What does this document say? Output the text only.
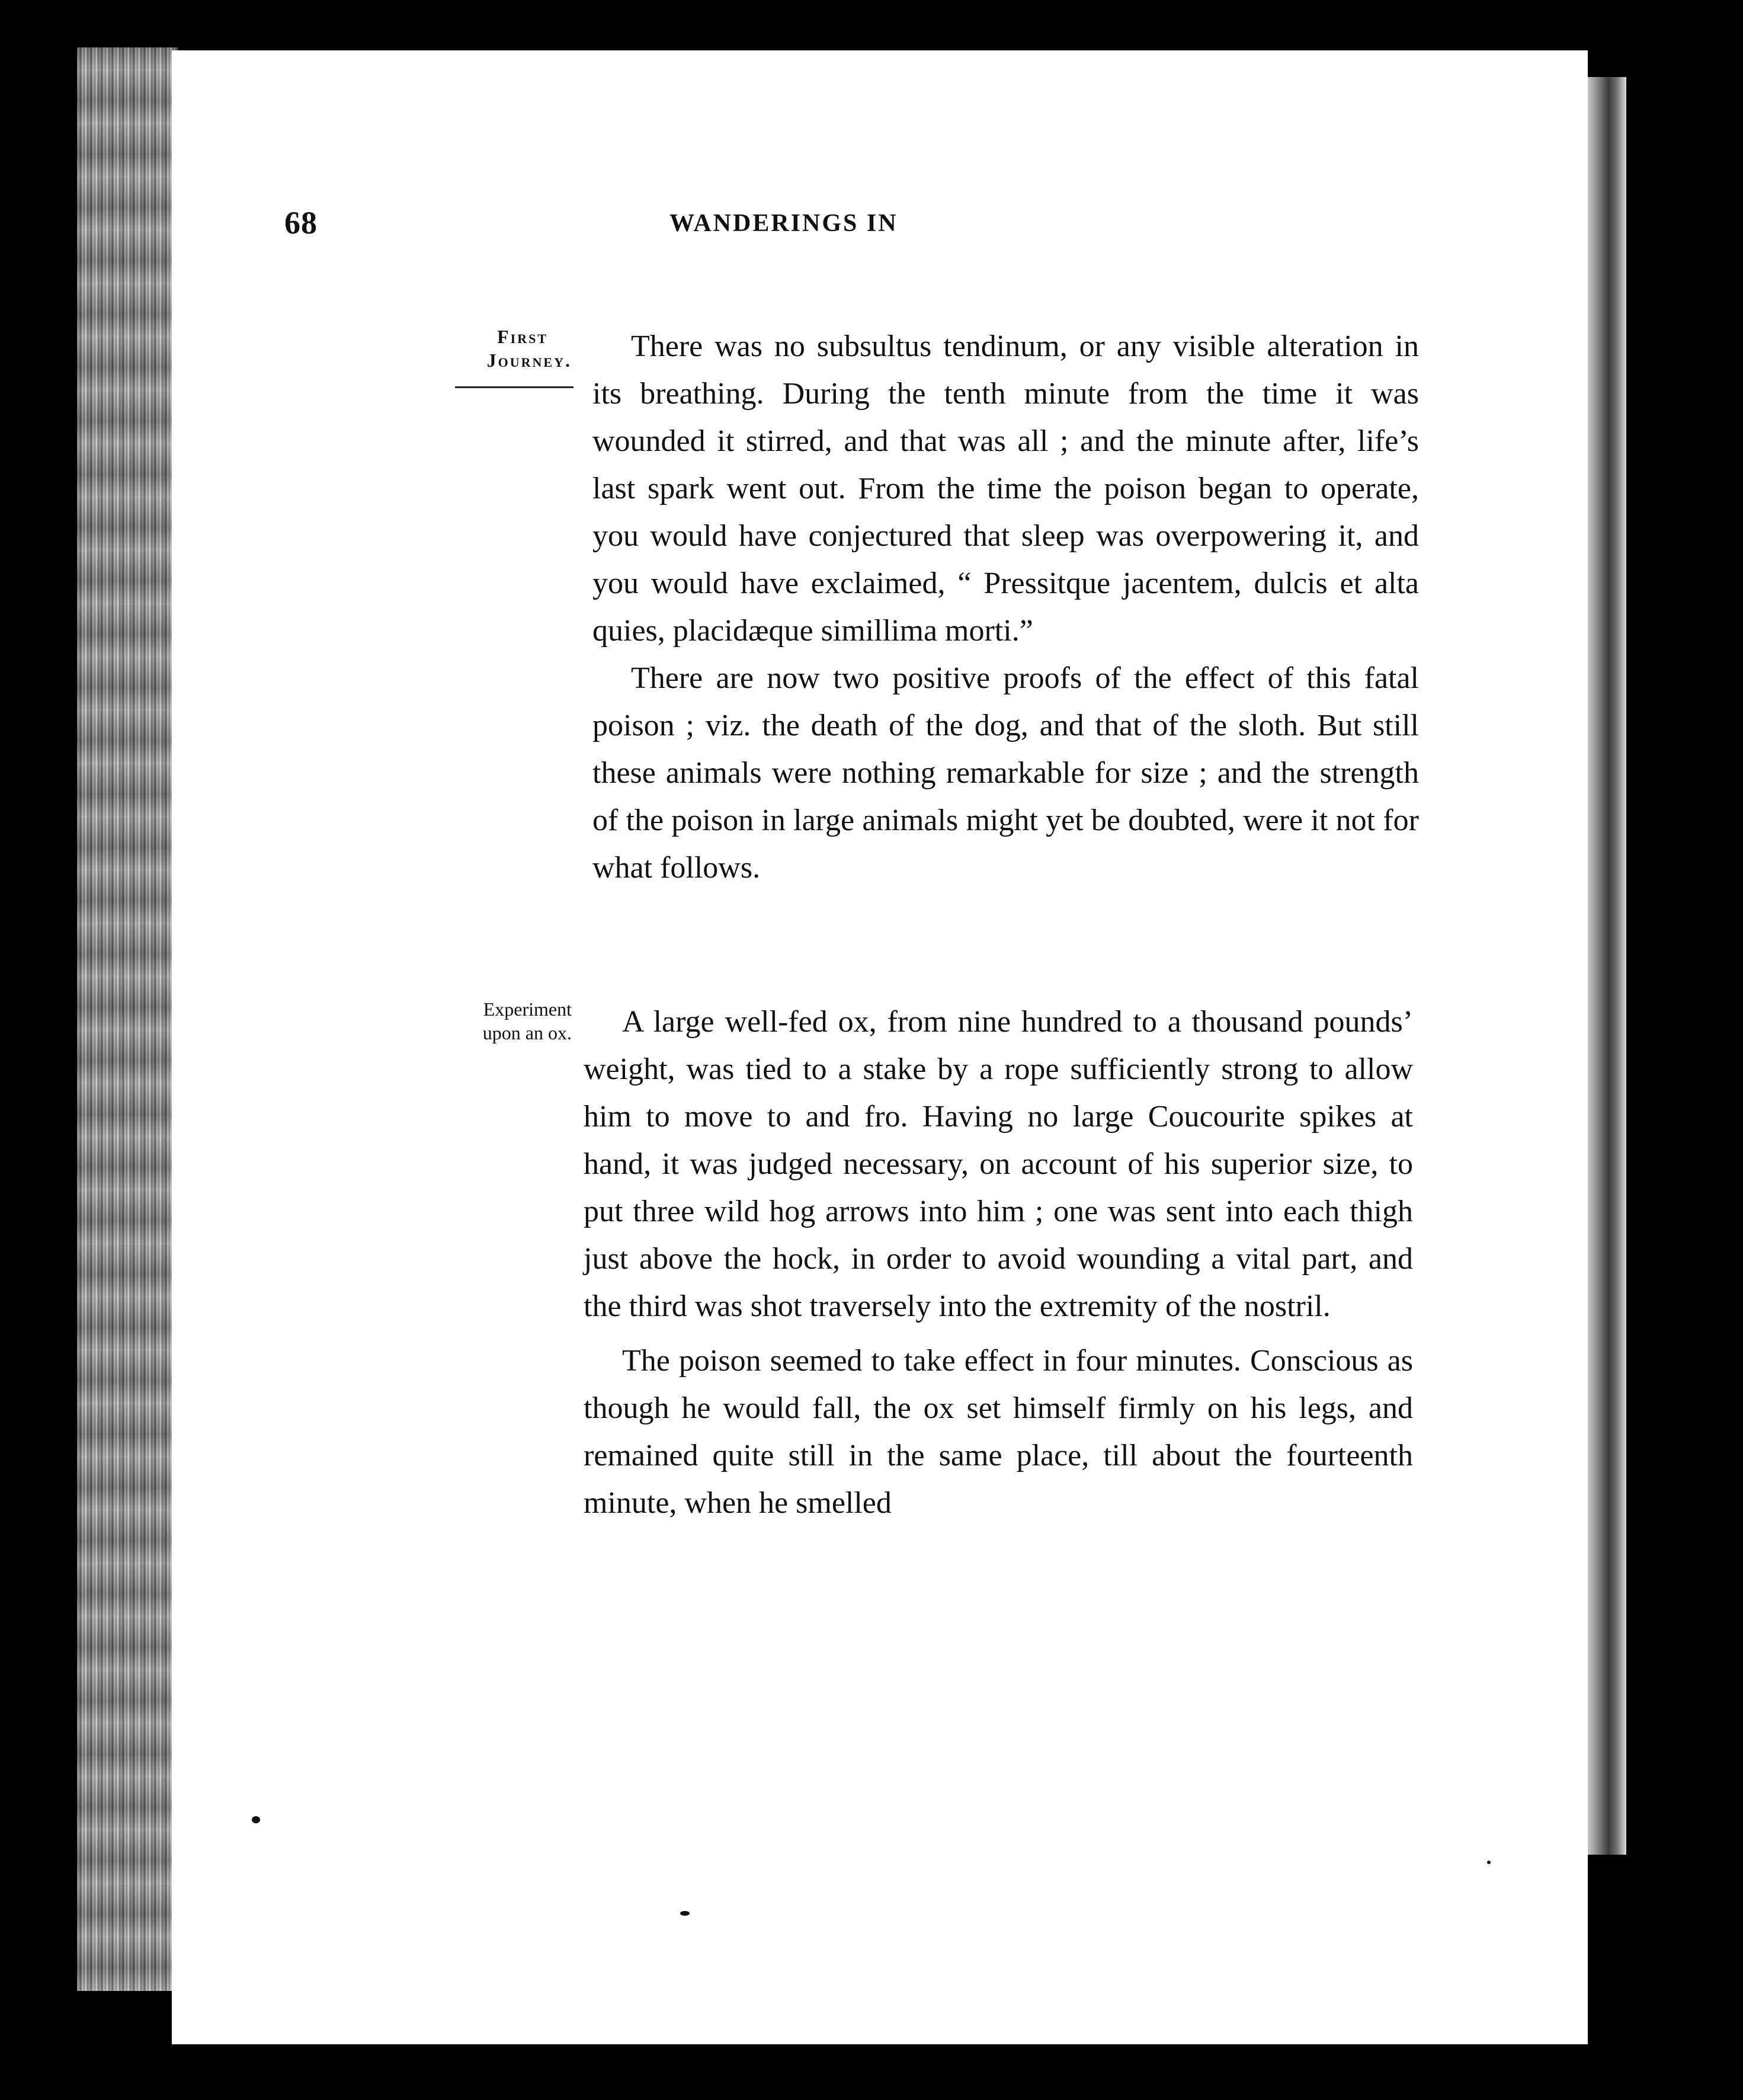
68	WANDERINGS IN
First
Journey.
Experiment
upon an ox.

There was no subsultus tendinum, or any visible alteration in its breathing. During the tenth minute from the time it was wounded it stirred, and that was all ; and the minute after, life’s last spark went out. From the time the poison began to operate, you would have conjectured that sleep was overpowering it, and you would have exclaimed, “ Pressitque jacentem, dulcis et alta quies, placidæque simillima morti.”

There are now two positive proofs of the effect of this fatal poison ; viz. the death of the dog, and that of the sloth. But still these animals were nothing remarkable for size ; and the strength of the poison in large animals might yet be doubted, were it not for what follows.

A large well-fed ox, from nine hundred to a thousand pounds’ weight, was tied to a stake by a rope sufficiently strong to allow him to move to and fro. Having no large Coucourite spikes at hand, it was judged necessary, on account of his superior size, to put three wild hog arrows into him ; one was sent into each thigh just above the hock, in order to avoid wounding a vital part, and the third was shot traversely into the extremity of the nostril.

The poison seemed to take effect in four minutes. Conscious as though he would fall, the ox set himself firmly on his legs, and remained quite still in the same place, till about the fourteenth minute, when he smelled
